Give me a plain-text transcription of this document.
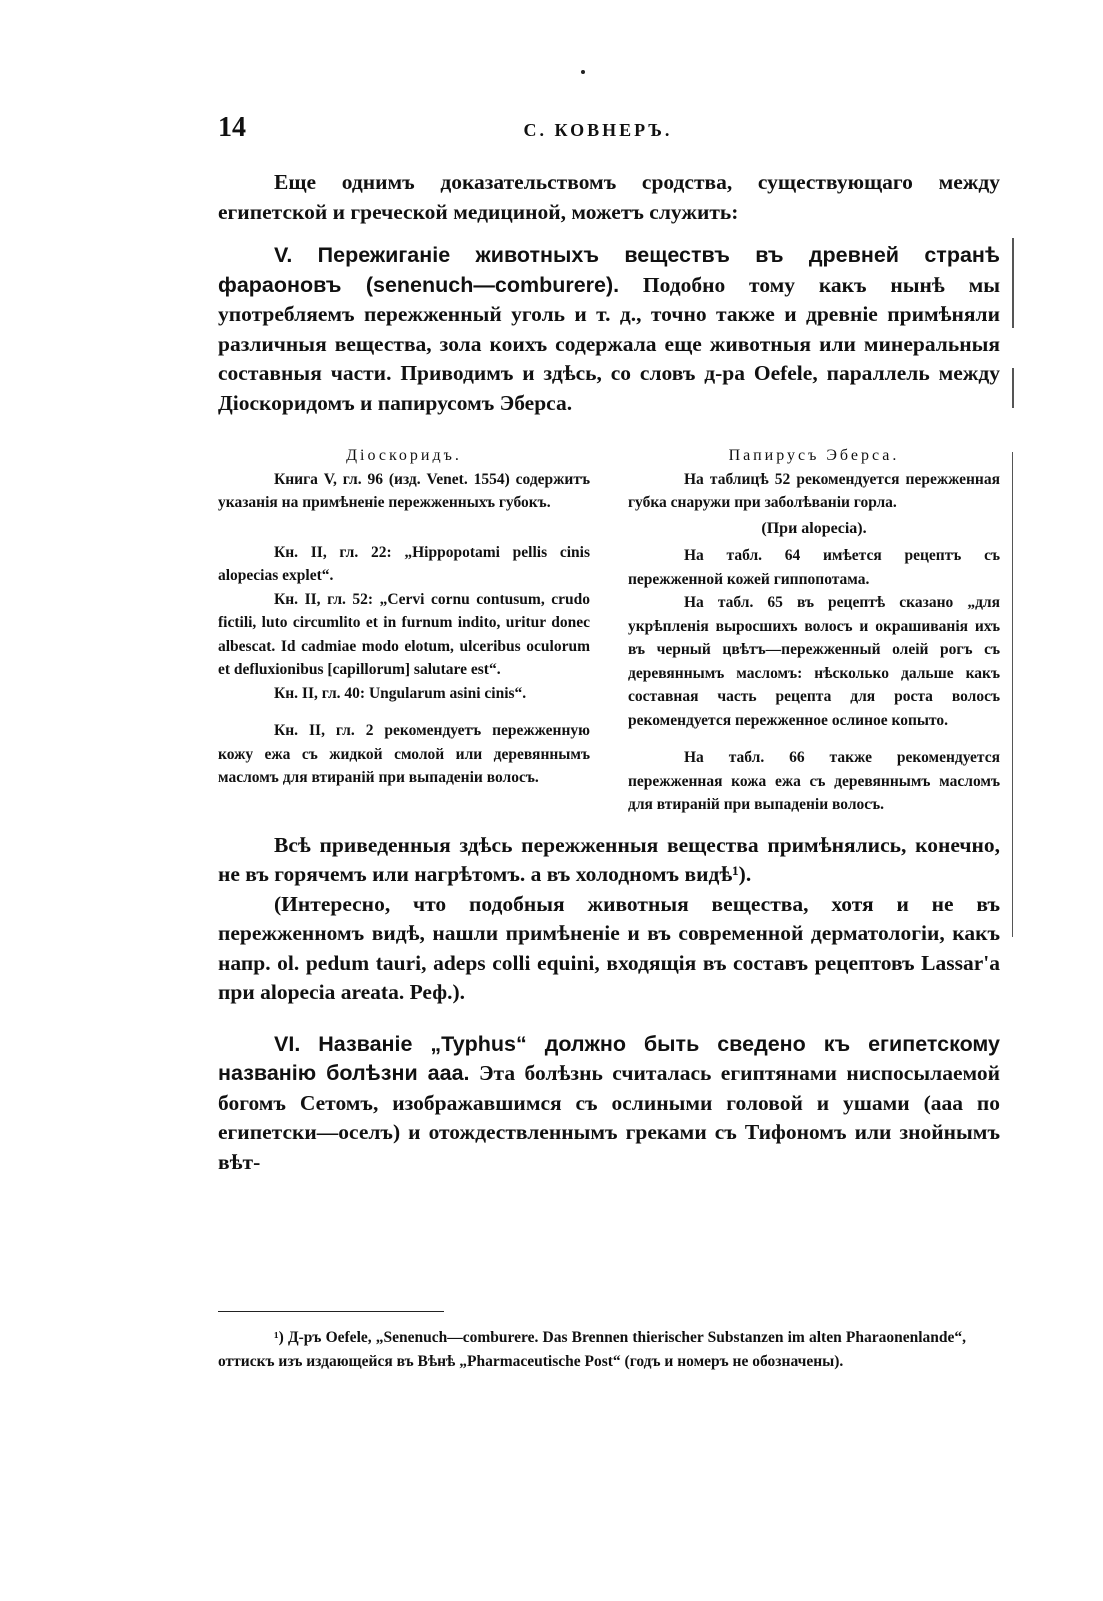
14	С. КОВНЕРЪ.

Еще однимъ доказательствомъ сродства, существующаго между египетской и греческой медициной, можетъ служить:

V. Пережиганіе животныхъ веществъ въ древней странѣ фараоновъ (senenuch—comburere). Подобно тому какъ нынѣ мы употребляемъ пережженный уголь и т. д., точно также и древніе примѣняли различныя вещества, зола коихъ содержала еще животныя или минеральныя составныя части. Приводимъ и здѣсь, со словъ д-ра Oefele, параллель между Діоскоридомъ и папирусомъ Эберса.

Діоскоридъ.

Книга V, гл. 96 (изд. Venet. 1554) содержитъ указанія на примѣненіе пережженныхъ губокъ.

Кн. II, гл. 22: „Hippopotami pellis cinis alopecias explet“.

Кн. II, гл. 52: „Cervi cornu contusum, crudo fictili, luto circumlito et in furnum indito, uritur donec albescat. Id cadmiae modo elotum, ulceribus oculorum et defluxionibus [capillorum] salutare est“.

Кн. II, гл. 40: Ungularum asini cinis“.

Кн. II, гл. 2 рекомендуетъ пережженную кожу ежа съ жидкой смолой или деревяннымъ масломъ для втираній при выпаденіи волосъ.

Папирусъ Эберса.

На таблицѣ 52 рекомендуется пережженная губка снаружи при заболѣваніи горла.

(При alopecia).

На табл. 64 имѣется рецептъ съ пережженной кожей гиппопотама.

На табл. 65 въ рецептѣ сказано „для укрѣпленія выросшихъ волосъ и окрашиванія ихъ въ черный цвѣтъ—пережженный олеій рогъ съ деревяннымъ масломъ: нѣсколько дальше какъ составная часть рецепта для роста волосъ рекомендуется пережженное ослиное копыто.

На табл. 66 также рекомендуется пережженная кожа ежа съ деревяннымъ масломъ для втираній при выпаденіи волосъ.

Всѣ приведенныя здѣсь пережженныя вещества примѣнялись, конечно, не въ горячемъ или нагрѣтомъ. а въ холодномъ видѣ¹).

(Интересно, что подобныя животныя вещества, хотя и не въ пережженномъ видѣ, нашли примѣненіе и въ современной дерматологіи, какъ напр. ol. pedum tauri, adeps colli equini, входящія въ составъ рецептовъ Lassar'а при alopecia areata. Реф.).

VI. Названіе „Typhus“ должно быть сведено къ египетскому названію болѣзни ааа. Эта болѣзнь считалась египтянами ниспосылаемой богомъ Сетомъ, изображавшимся съ ослиными головой и ушами (ааа по египетски—оселъ) и отождествленнымъ греками съ Тифономъ или знойнымъ вѣт-

¹) Д-ръ Oefele, „Senenuch—comburere. Das Brennen thierischer Substanzen im alten Pharaonenlande“, оттискъ изъ издающейся въ Вѣнѣ „Pharmaceutische Post“ (годъ и номеръ не обозначены).
